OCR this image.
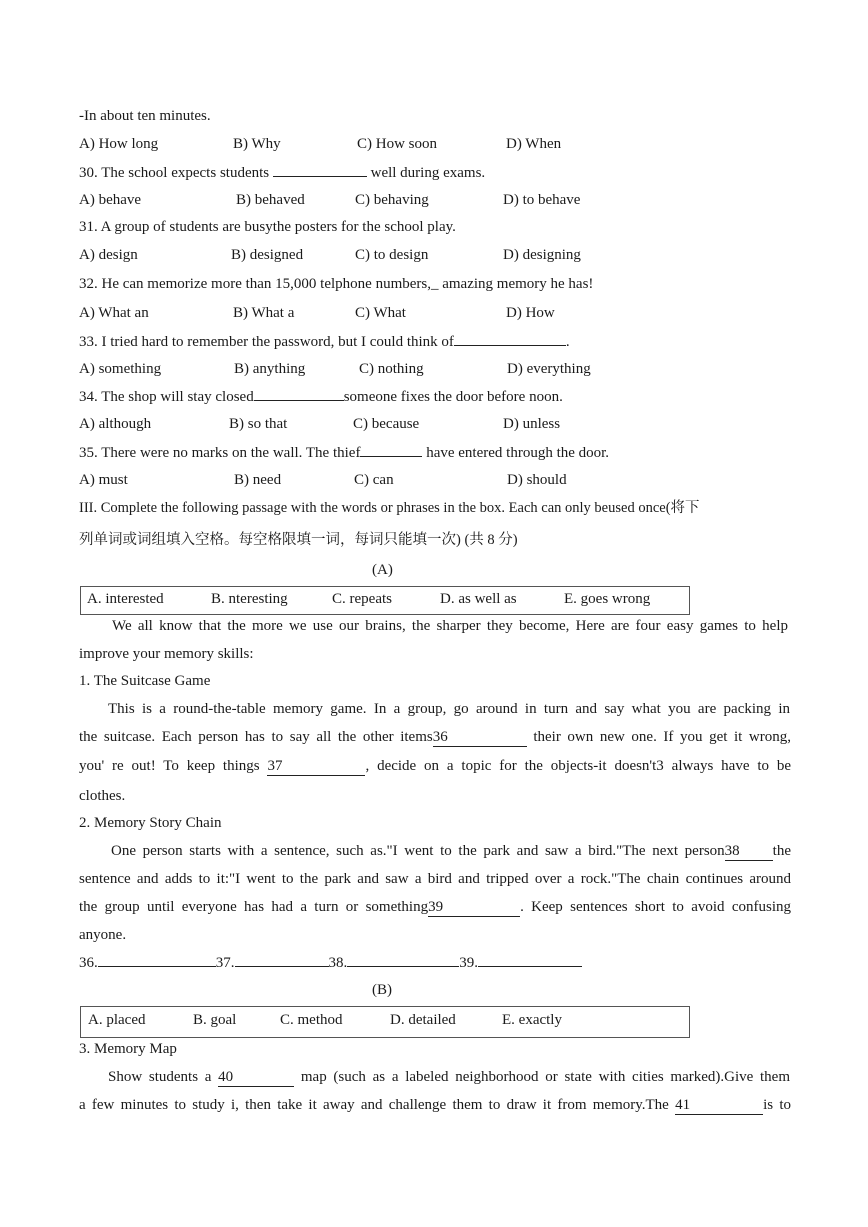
-In about ten minutes.
A) How long	B) Why	C) How soon	D) When
30. The school expects students	well during exams.
A) behave	B) behaved	C) behaving	D) to behave
31. A group of students are busythe posters for the school play.
A) design	B) designed	C) to design	D) designing
32. He can memorize more than 15,000 telphone numbers,_ amazing memory he has!
A) What an	B) What a	C) What	D) How
33. I tried hard to remember the password, but I could think of	.
A) something	B) anything	C) nothing	D) everything
34. The shop will stay closed	someone fixes the door before noon.
A) although	B) so that	C) because	D) unless
35. There were no marks on the wall. The thief	have entered through the door.
A) must	B) need	C) can	D) should
III. Complete the following passage with the words or phrases in the box. Each can only beused once(将下
列单词或词组填入空格。每空格限填一词，每词只能填一次) (共 8 分)
(A)
A. interested	B. nteresting	C. repeats	D. as well as	E. goes wrong
We all know that the more we use our brains, the sharper they become, Here are four easy games to help
improve your memory skills:
1. The Suitcase Game
This is a round-the-table memory game. In a group, go around in turn and say what you are packing in
the suitcase. Each person has to say all the other items36	their own new one. If you get it wrong,
you' re out! To keep things 37	, decide on a topic for the objects-it doesn't3 always have to be
clothes.
2. Memory Story Chain
One person starts with a sentence, such as."I went to the park and saw a bird."The next person38 the
sentence and adds to it:"I went to the park and saw a bird and tripped over a rock."The chain continues around
the group until everyone has had a turn or something39	. Keep sentences short to avoid confusing
anyone.
36.	37.	38.	39.
(B)
A. placed	B. goal	C. method	D. detailed	E. exactly
3. Memory Map
Show students a 40	map (such as a labeled neighborhood or state with cities marked).Give them
a few minutes to study i, then take it away and challenge them to draw it from memory.The 41	is to
